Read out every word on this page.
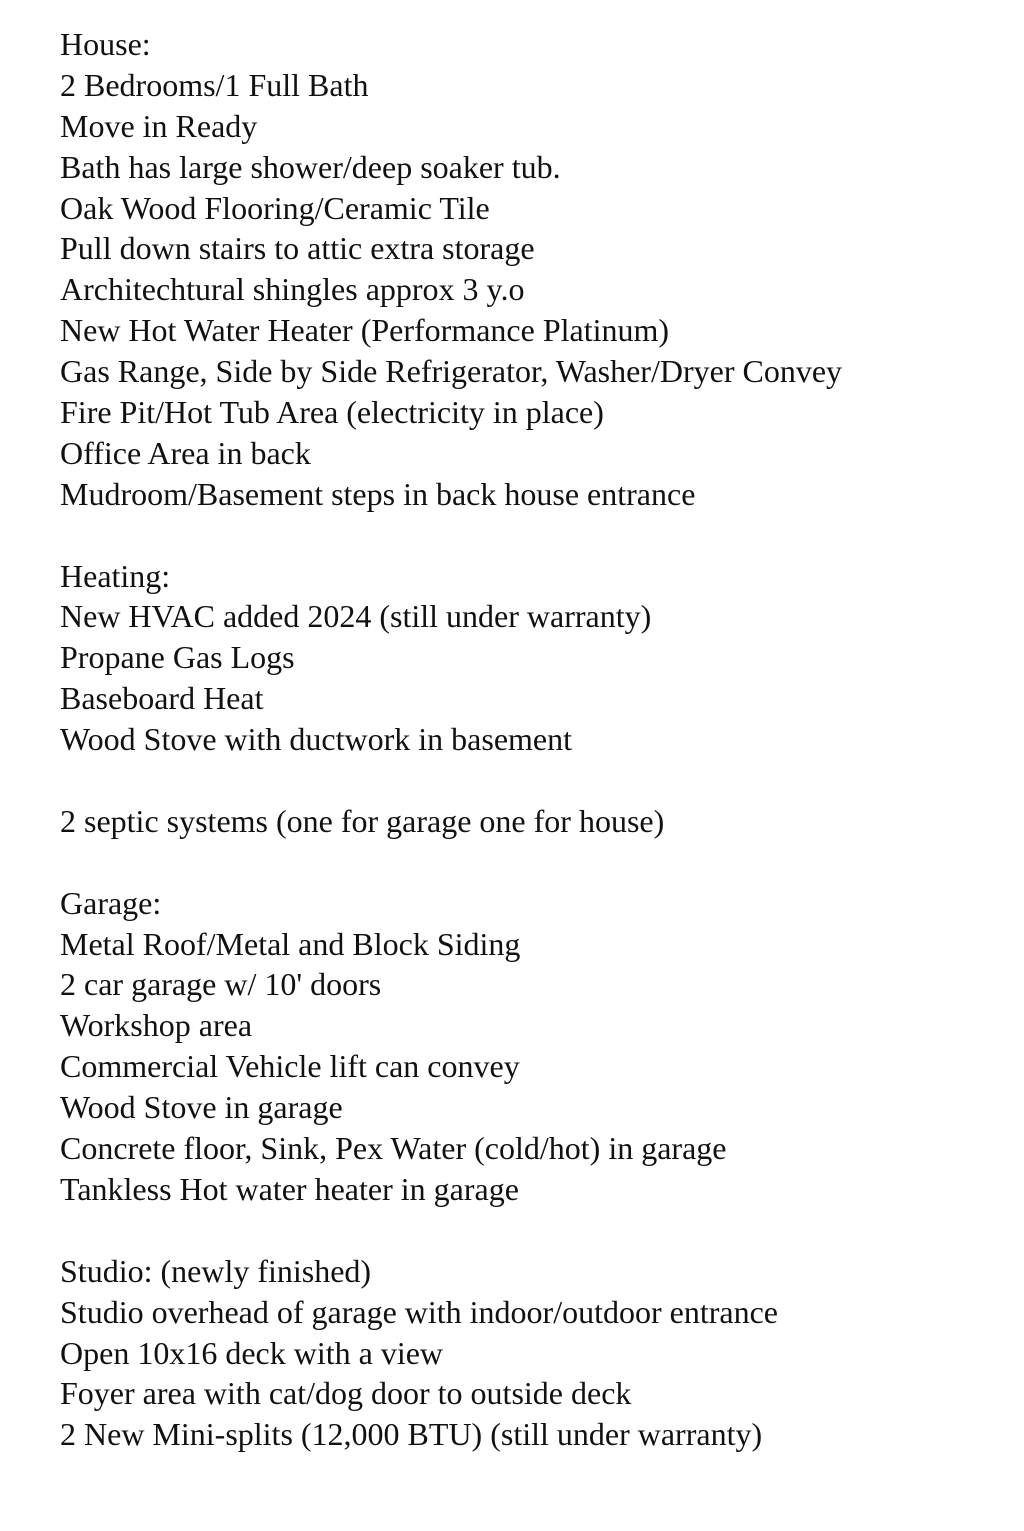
House:
2 Bedrooms/1 Full Bath
Move in Ready
Bath has large shower/deep soaker tub.
Oak Wood Flooring/Ceramic Tile
Pull down stairs to attic extra storage
Architechtural shingles approx 3 y.o
New Hot Water Heater (Performance Platinum)
Gas Range, Side by Side Refrigerator, Washer/Dryer Convey
Fire Pit/Hot Tub Area (electricity in place)
Office Area in back
Mudroom/Basement steps in back house entrance
Heating:
New HVAC added 2024 (still under warranty)
Propane Gas Logs
Baseboard Heat
Wood Stove with ductwork in basement
2 septic systems (one for garage one for house)
Garage:
Metal Roof/Metal and Block Siding
2 car garage w/ 10' doors
Workshop area
Commercial Vehicle lift can convey
Wood Stove in garage
Concrete floor, Sink, Pex Water (cold/hot) in garage
Tankless Hot water heater in garage
Studio: (newly finished)
Studio overhead of garage with indoor/outdoor entrance
Open 10x16 deck with a view
Foyer area with cat/dog door to outside deck
2 New Mini-splits (12,000 BTU) (still under warranty)
